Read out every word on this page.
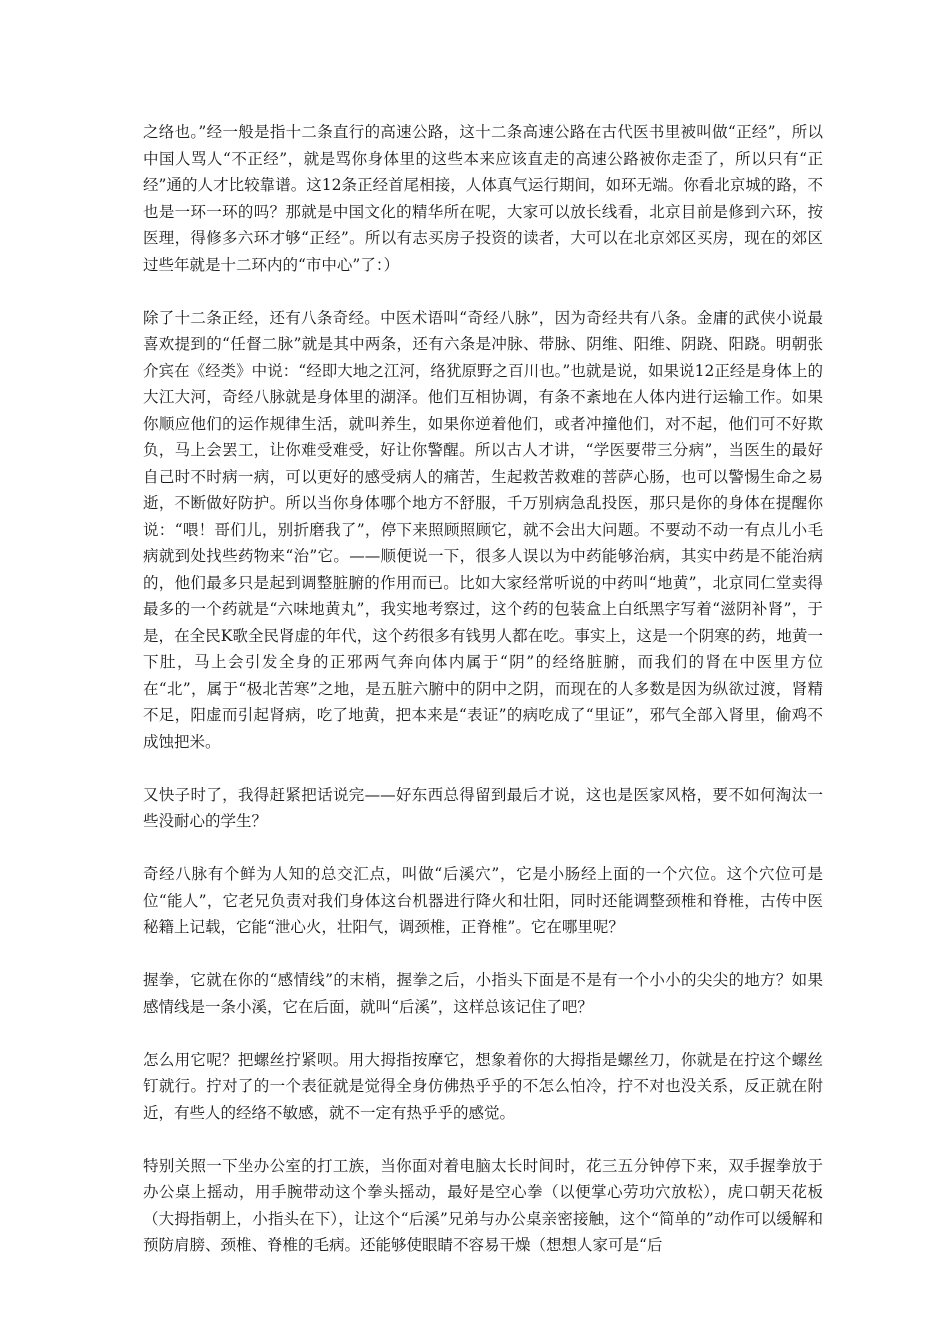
之络也。”经一般是指十二条直行的高速公路，这十二条高速公路在古代医书里被叫做“正经”，所以中国人骂人“不正经”，就是骂你身体里的这些本来应该直走的高速公路被你走歪了，所以只有“正经”通的人才比较靠谱。这12条正经首尾相接，人体真气运行期间，如环无端。你看北京城的路，不也是一环一环的吗？那就是中国文化的精华所在呢，大家可以放长线看，北京目前是修到六环，按医理，得修多六环才够“正经”。所以有志买房子投资的读者，大可以在北京郊区买房，现在的郊区过些年就是十二环内的“市中心”了：）

除了十二条正经，还有八条奇经。中医术语叫“奇经八脉”，因为奇经共有八条。金庸的武侠小说最喜欢提到的“任督二脉”就是其中两条，还有六条是冲脉、带脉、阴维、阳维、阴跷、阳跷。明朝张介宾在《经类》中说：“经即大地之江河，络犹原野之百川也。”也就是说，如果说12正经是身体上的大江大河，奇经八脉就是身体里的湖泽。他们互相协调，有条不紊地在人体内进行运输工作。如果你顺应他们的运作规律生活，就叫养生，如果你逆着他们，或者冲撞他们，对不起，他们可不好欺负，马上会罢工，让你难受难受，好让你警醒。所以古人才讲，“学医要带三分病”，当医生的最好自己时不时病一病，可以更好的感受病人的痛苦，生起救苦救难的菩萨心肠，也可以警惕生命之易逝，不断做好防护。所以当你身体哪个地方不舒服，千万别病急乱投医，那只是你的身体在提醒你说：“喂！哥们儿，别折磨我了”，停下来照顾照顾它，就不会出大问题。不要动不动一有点儿小毛病就到处找些药物来“治”它。——顺便说一下，很多人误以为中药能够治病，其实中药是不能治病的，他们最多只是起到调整脏腑的作用而已。比如大家经常听说的中药叫“地黄”，北京同仁堂卖得最多的一个药就是“六味地黄丸”，我实地考察过，这个药的包装盒上白纸黑字写着“滋阴补肾”，于是，在全民K歌全民肾虚的年代，这个药很多有钱男人都在吃。事实上，这是一个阴寒的药，地黄一下肚，马上会引发全身的正邪两气奔向体内属于“阴”的经络脏腑，而我们的肾在中医里方位在“北”，属于“极北苦寒”之地，是五脏六腑中的阴中之阴，而现在的人多数是因为纵欲过渡，肾精不足，阳虚而引起肾病，吃了地黄，把本来是“表证”的病吃成了“里证”，邪气全部入肾里，偷鸡不成蚀把米。

又快子时了，我得赶紧把话说完——好东西总得留到最后才说，这也是医家风格，要不如何淘汰一些没耐心的学生？

奇经八脉有个鲜为人知的总交汇点，叫做“后溪穴”，它是小肠经上面的一个穴位。这个穴位可是位“能人”，它老兄负责对我们身体这台机器进行降火和壮阳，同时还能调整颈椎和脊椎，古传中医秘籍上记载，它能“泄心火，壮阳气，调颈椎，正脊椎”。它在哪里呢？

握拳，它就在你的“感情线”的末梢，握拳之后，小指头下面是不是有一个小小的尖尖的地方？如果感情线是一条小溪，它在后面，就叫“后溪”，这样总该记住了吧？

怎么用它呢？把螺丝拧紧呗。用大拇指按摩它，想象着你的大拇指是螺丝刀，你就是在拧这个螺丝钉就行。拧对了的一个表征就是觉得全身仿佛热乎乎的不怎么怕冷，拧不对也没关系，反正就在附近，有些人的经络不敏感，就不一定有热乎乎的感觉。

特别关照一下坐办公室的打工族，当你面对着电脑太长时间时，花三五分钟停下来，双手握拳放于办公桌上摇动，用手腕带动这个拳头摇动，最好是空心拳（以便掌心劳功穴放松），虎口朝天花板（大拇指朝上，小指头在下），让这个“后溪”兄弟与办公桌亲密接触，这个“简单的”动作可以缓解和预防肩膀、颈椎、脊椎的毛病。还能够使眼睛不容易干燥（想想人家可是“后
